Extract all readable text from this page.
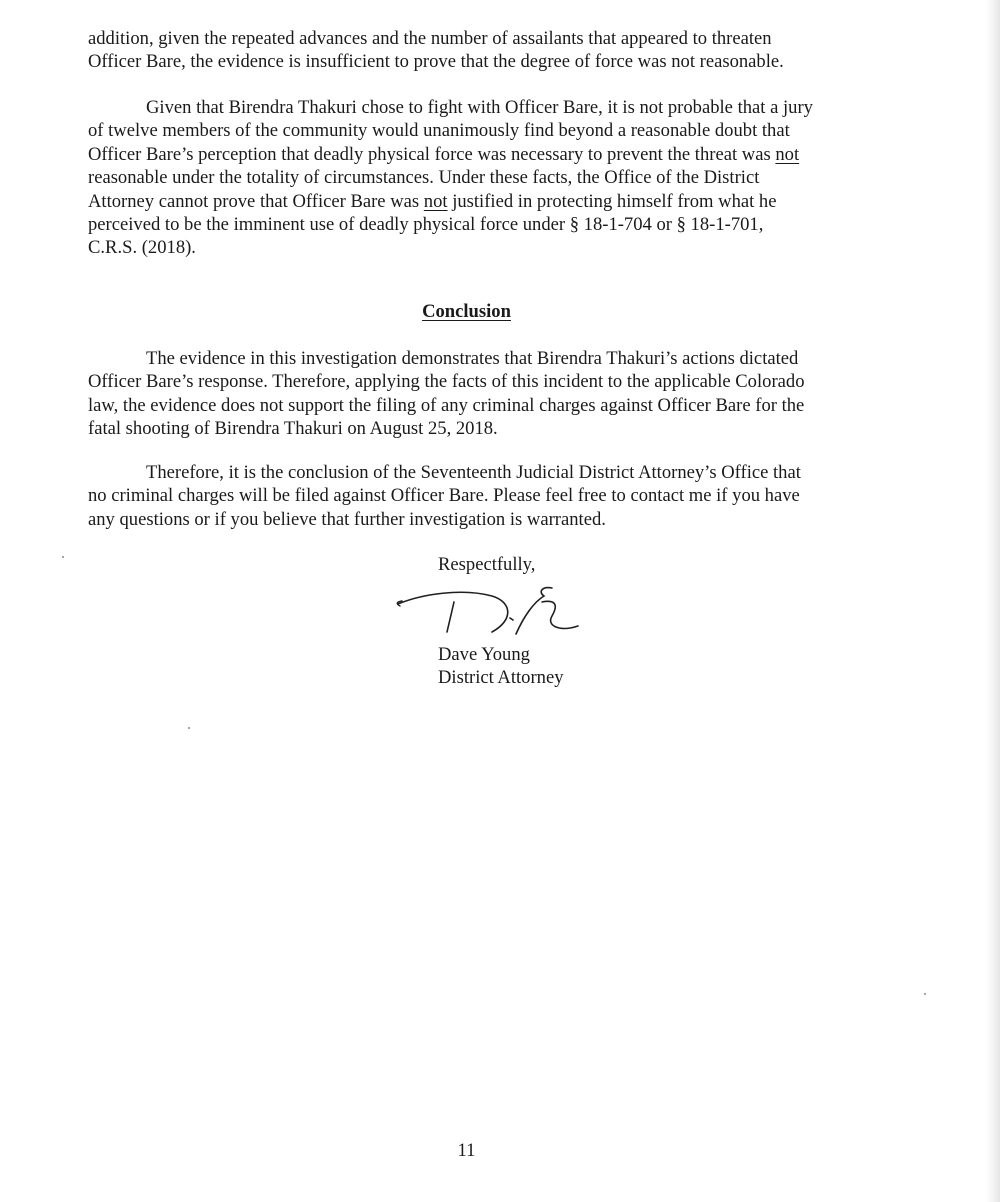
addition, given the repeated advances and the number of assailants that appeared to threaten
Officer Bare, the evidence is insufficient to prove that the degree of force was not reasonable.
Given that Birendra Thakuri chose to fight with Officer Bare, it is not probable that a jury
of twelve members of the community would unanimously find beyond a reasonable doubt that
Officer Bare’s perception that deadly physical force was necessary to prevent the threat was not
reasonable under the totality of circumstances. Under these facts, the Office of the District
Attorney cannot prove that Officer Bare was not justified in protecting himself from what he
perceived to be the imminent use of deadly physical force under § 18-1-704 or § 18-1-701,
C.R.S. (2018).
Conclusion
The evidence in this investigation demonstrates that Birendra Thakuri’s actions dictated
Officer Bare’s response. Therefore, applying the facts of this incident to the applicable Colorado
law, the evidence does not support the filing of any criminal charges against Officer Bare for the
fatal shooting of Birendra Thakuri on August 25, 2018.
Therefore, it is the conclusion of the Seventeenth Judicial District Attorney’s Office that
no criminal charges will be filed against Officer Bare. Please feel free to contact me if you have
any questions or if you believe that further investigation is warranted.
Respectfully,
Dave Young
District Attorney
11
